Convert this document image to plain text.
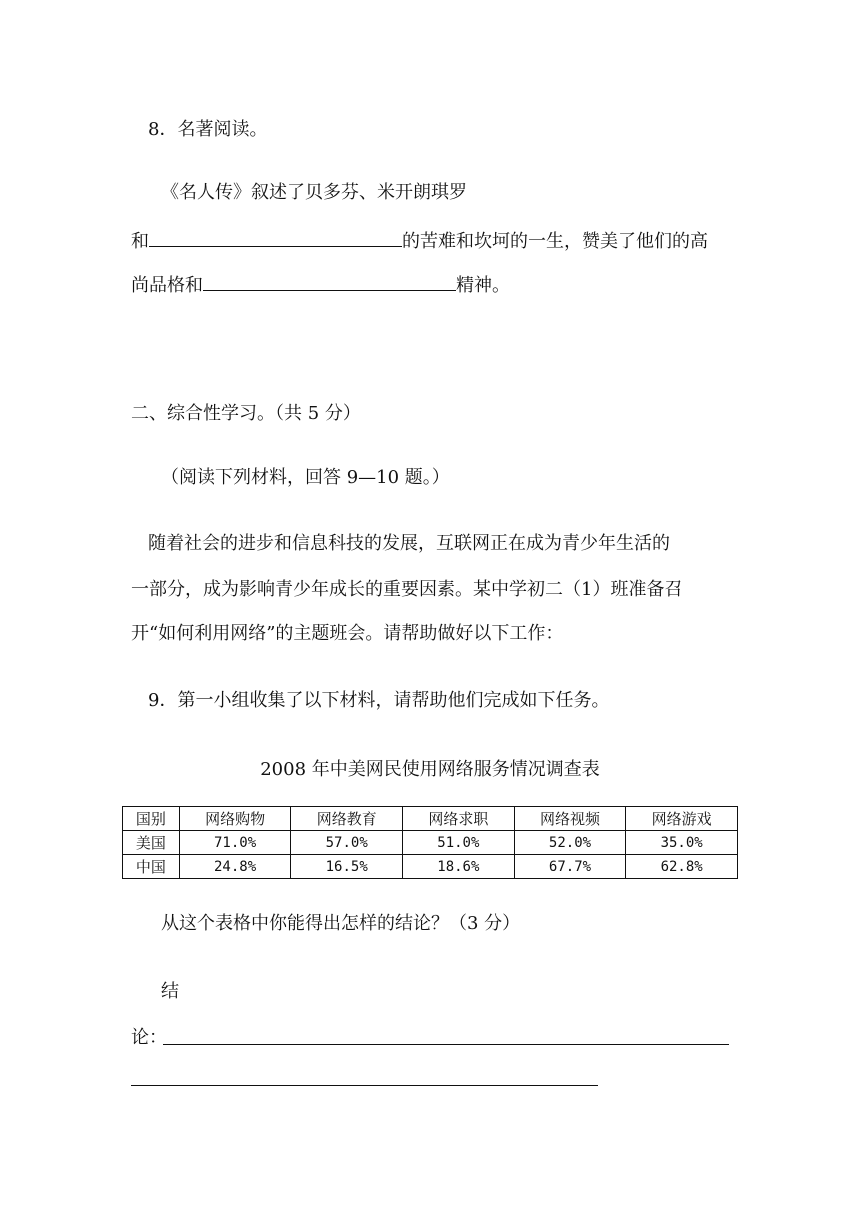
8．名著阅读。
《名人传》叙述了贝多芬、米开朗琪罗
和	的苦难和坎坷的一生，赞美了他们的高
尚品格和	精神。
二、综合性学习。（共 5 分）
（阅读下列材料，回答 9—10 题。）
随着社会的进步和信息科技的发展，互联网正在成为青少年生活的
一部分，成为影响青少年成长的重要因素。某中学初二（1）班准备召
开“如何利用网络”的主题班会。请帮助做好以下工作：
9．第一小组收集了以下材料，请帮助他们完成如下任务。
2008 年中美网民使用网络服务情况调查表
国别	网络购物	网络教育	网络求职	网络视频	网络游戏
美国	71.0%	57.0%	51.0%	52.0%	35.0%
中国	24.8%	16.5%	18.6%	67.7%	62.8%
从这个表格中你能得出怎样的结论？（3 分）
结
论：
